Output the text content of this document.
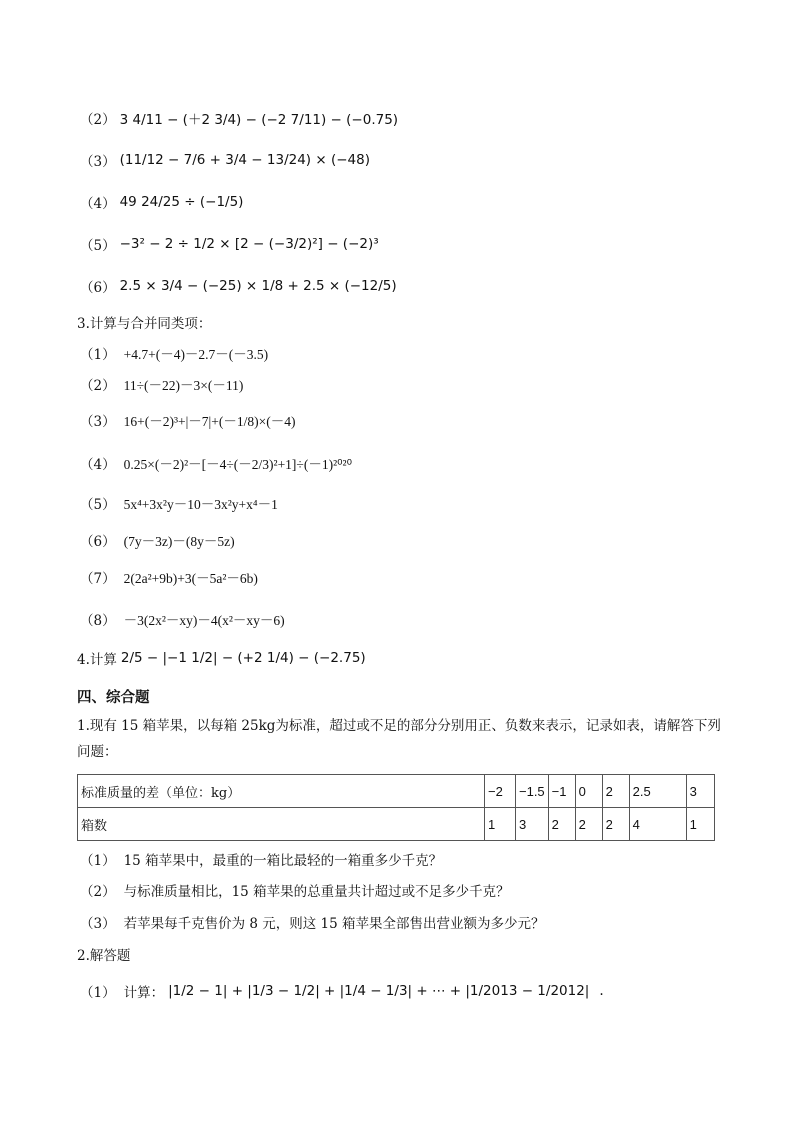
（2） 3 4/11 − (＋2 3/4) − (−2 7/11) − (−0.75)
（3） (11/12 − 7/6 + 3/4 − 13/24) × (−48)
（4） 49 24/25 ÷ (−1/5)
（5） −3² − 2 ÷ 1/2 × [2 − (−3/2)²] − (−2)³
（6） 2.5 × 3/4 − (−25) × 1/8 + 2.5 × (−12/5)
3.计算与合并同类项：
（1） +4.7+(－4)－2.7－(－3.5)
（2） 11÷(－22)－3×(－11)
（3） 16+(－2)³+|－7|+(－1/8)×(－4)
（4） 0.25×(－2)²－[－4÷(－2/3)²+1]÷(－1)²⁰²⁰
（5） 5x⁴+3x²y－10－3x²y+x⁴－1
（6） (7y－3z)－(8y－5z)
（7） 2(2a²+9b)+3(－5a²－6b)
（8） －3(2x²－xy)－4(x²－xy－6)
4.计算 2/5 − |−1 1/2| − (+2 1/4) − (−2.75)
四、综合题
1.现有 15 箱苹果，以每箱 25kg为标准，超过或不足的部分分别用正、负数来表示，记录如表，请解答下列问题：
标准质量的差（单位：kg）	−2	−1.5	−1	0	2	2.5	3
箱数	1	3	2	2	2	4	1
（1） 15 箱苹果中，最重的一箱比最轻的一箱重多少千克？
（2） 与标准质量相比，15 箱苹果的总重量共计超过或不足多少千克？
（3） 若苹果每千克售价为 8 元，则这 15 箱苹果全部售出营业额为多少元？
2.解答题
（1） 计算： |1/2 − 1| + |1/3 − 1/2| + |1/4 − 1/3| + ⋯ + |1/2013 − 1/2012| .
